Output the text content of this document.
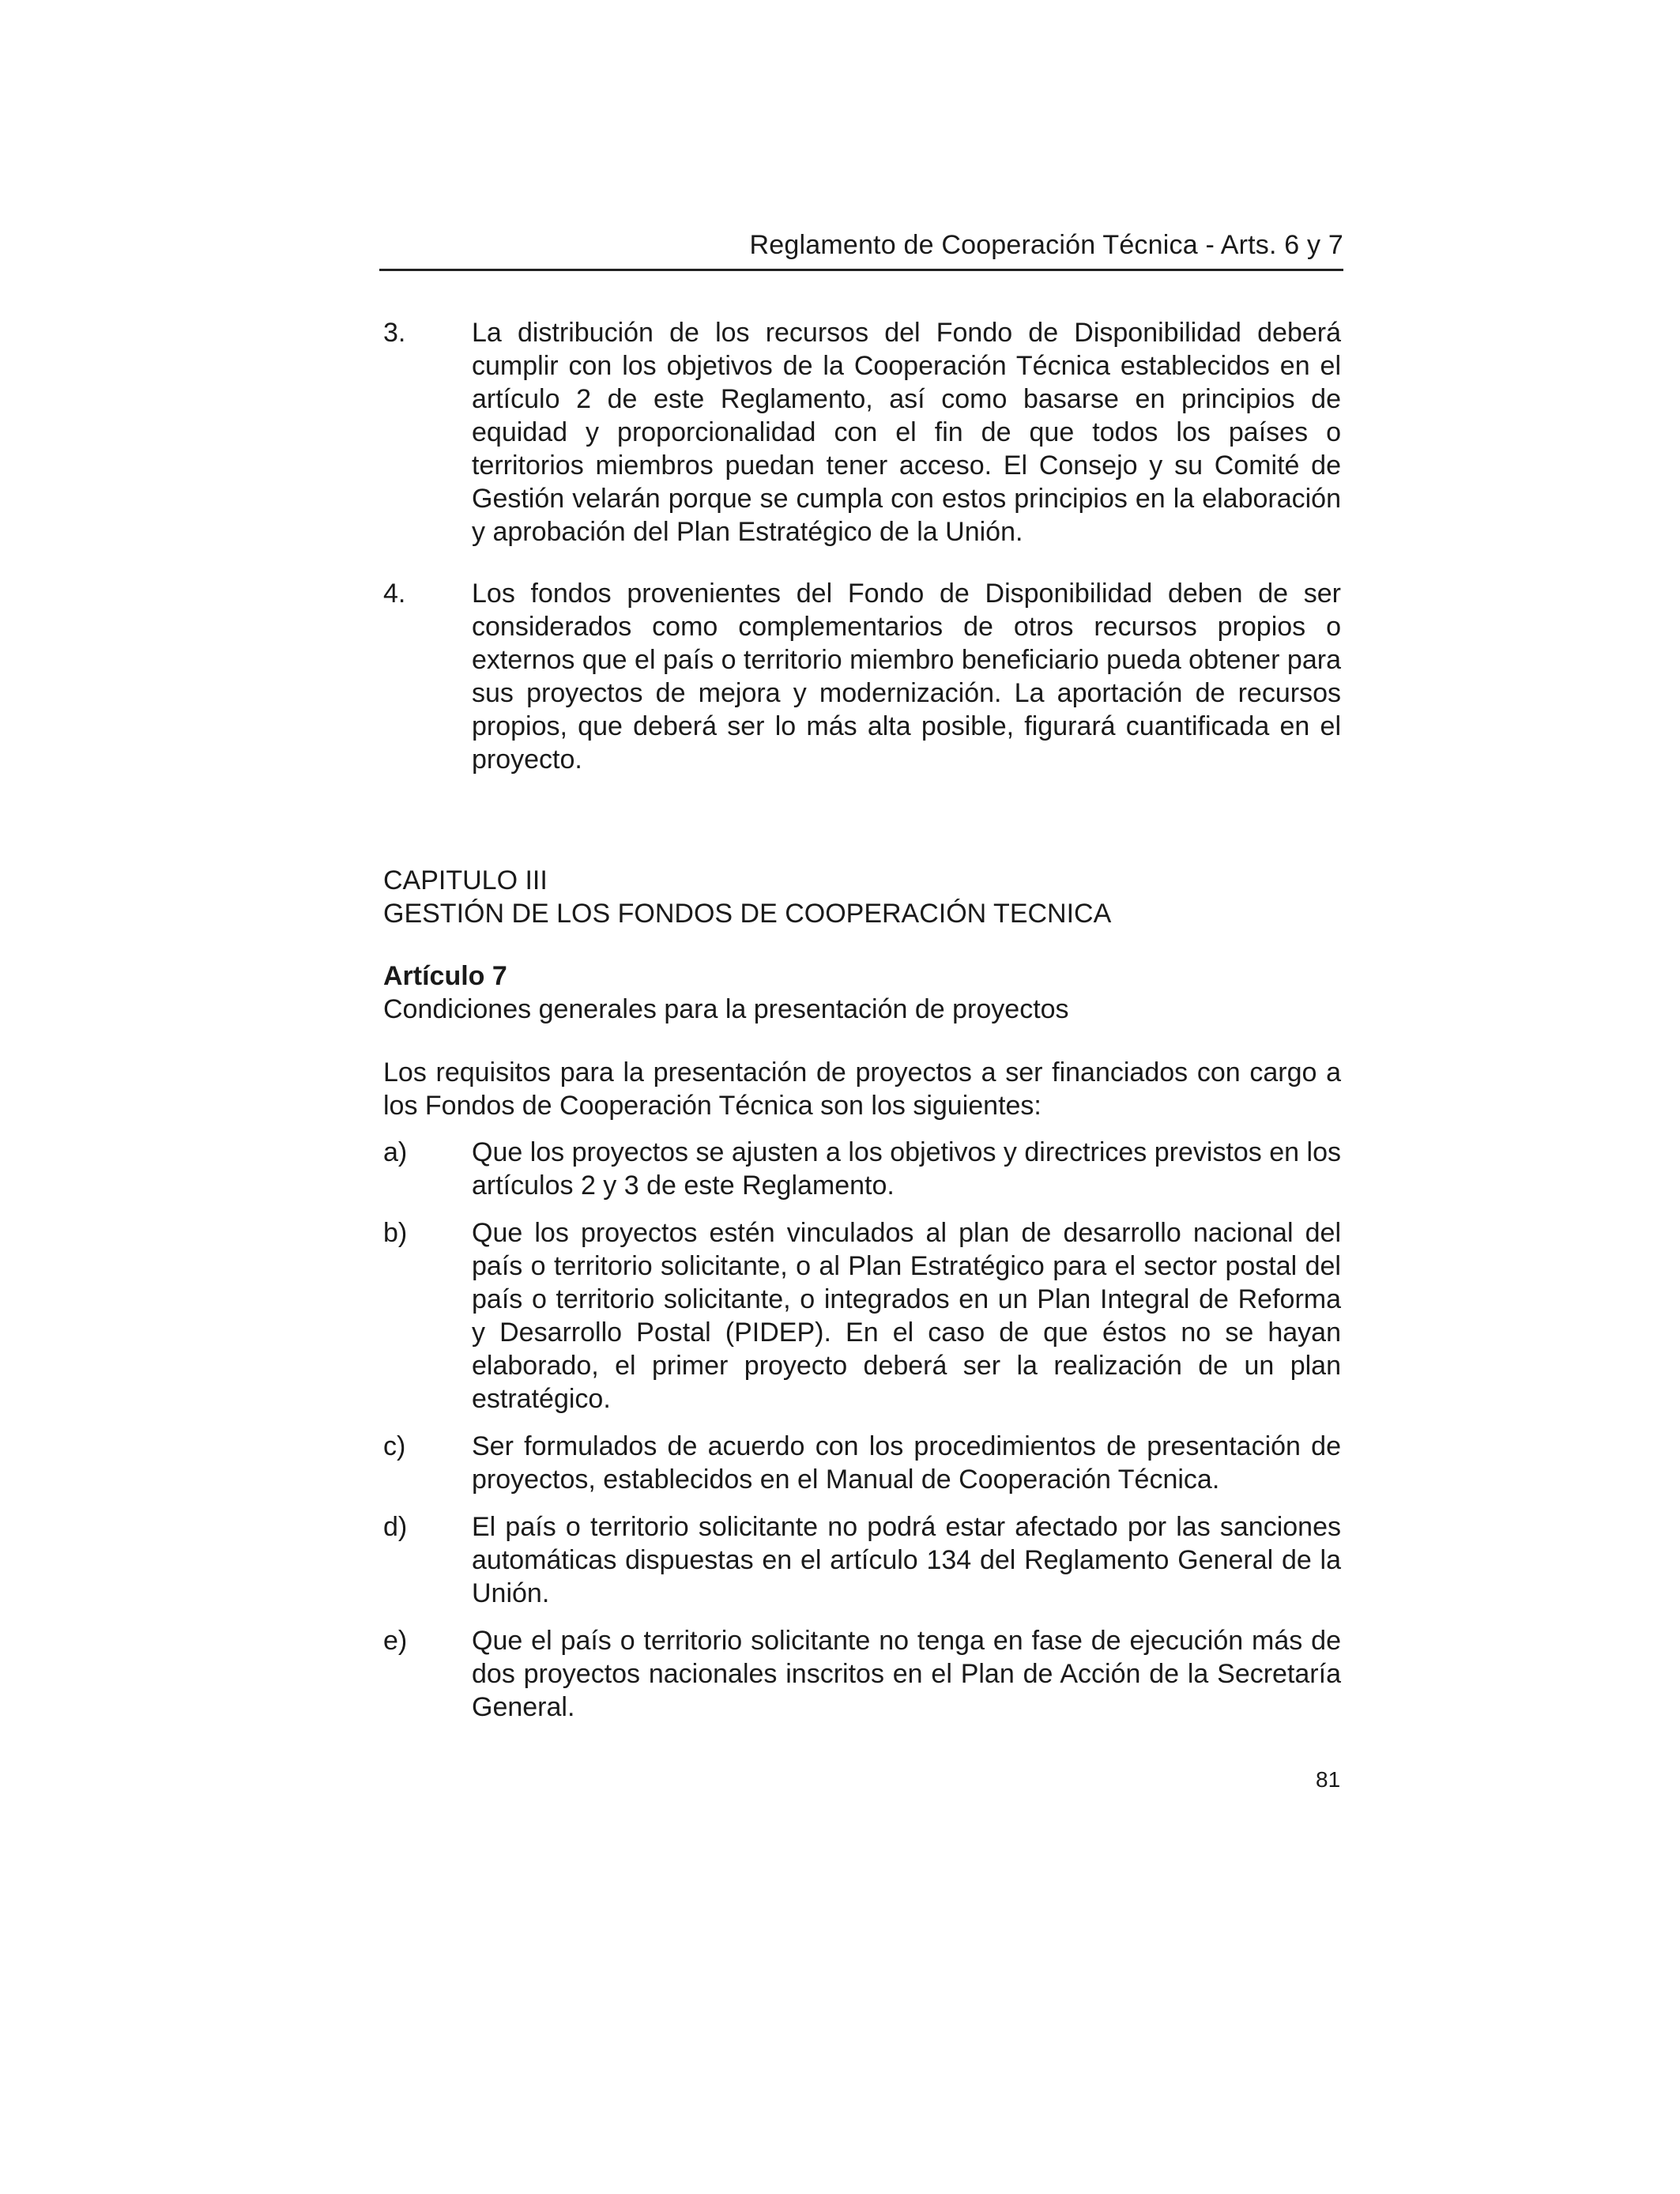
Reglamento de Cooperación Técnica - Arts. 6 y 7
3. La distribución de los recursos del Fondo de Disponibilidad deberá cumplir con los objetivos de la Cooperación Técnica establecidos en el artículo 2 de este Reglamento, así como basarse en principios de equidad y proporcionalidad con el fin de que todos los países o territorios miembros puedan tener acceso. El Consejo y su Comité de Gestión velarán porque se cumpla con estos principios en la elaboración y aprobación del Plan Estratégico de la Unión.
4. Los fondos provenientes del Fondo de Disponibilidad deben de ser considerados como complementarios de otros recursos propios o externos que el país o territorio miembro beneficiario pueda obtener para sus proyectos de mejora y modernización. La aportación de recursos propios, que deberá ser lo más alta posible, figurará cuantificada en el proyecto.
CAPITULO III
GESTIÓN DE LOS FONDOS DE COOPERACIÓN TECNICA
Artículo 7
Condiciones generales para la presentación de proyectos
Los requisitos para la presentación de proyectos a ser financiados con cargo a los Fondos de Cooperación Técnica son los siguientes:
a) Que los proyectos se ajusten a los objetivos y directrices previstos en los artículos 2 y 3 de este Reglamento.
b) Que los proyectos estén vinculados al plan de desarrollo nacional del país o territorio solicitante, o al Plan Estratégico para el sector postal del país o territorio solicitante, o integrados en un Plan Integral de Reforma y Desarrollo Postal (PIDEP). En el caso de que éstos no se hayan elaborado, el primer proyecto deberá ser la realización de un plan estratégico.
c) Ser formulados de acuerdo con los procedimientos de presentación de proyectos, establecidos en el Manual de Cooperación Técnica.
d) El país o territorio solicitante no podrá estar afectado por las sanciones automáticas dispuestas en el artículo 134 del Reglamento General de la Unión.
e) Que el país o territorio solicitante no tenga en fase de ejecución más de dos proyectos nacionales inscritos en el Plan de Acción de la Secretaría General.
81
